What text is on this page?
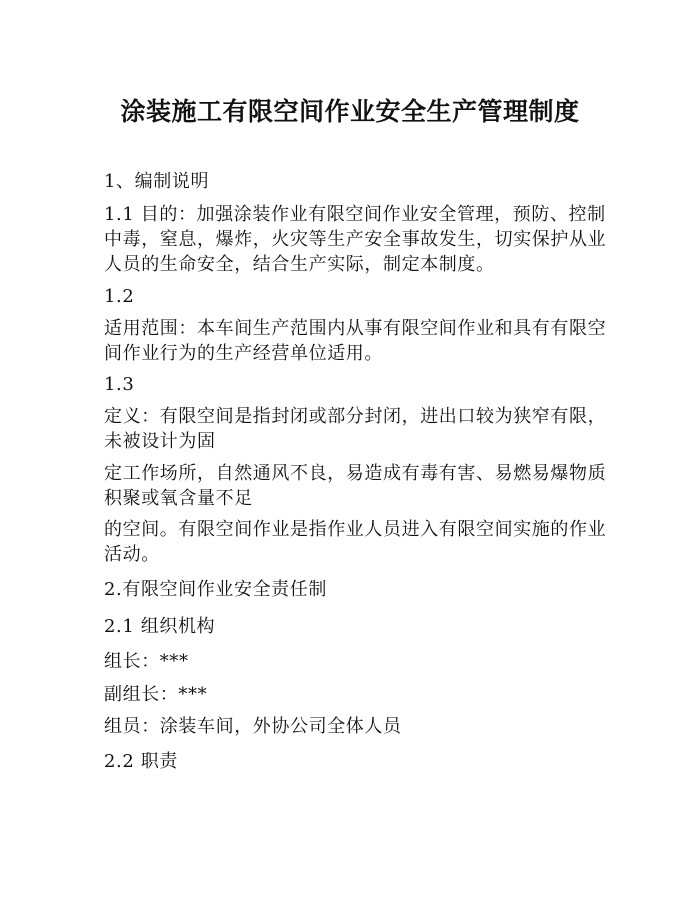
涂装施工有限空间作业安全生产管理制度
1、编制说明
1.1 目的：加强涂装作业有限空间作业安全管理，预防、控制
中毒，窒息，爆炸，火灾等生产安全事故发生，切实保护从业
人员的生命安全，结合生产实际，制定本制度。
1.2
适用范围：本车间生产范围内从事有限空间作业和具有有限空
间作业行为的生产经营单位适用。
1.3
定义：有限空间是指封闭或部分封闭，进出口较为狭窄有限，
未被设计为固
定工作场所，自然通风不良，易造成有毒有害、易燃易爆物质
积聚或氧含量不足
的空间。有限空间作业是指作业人员进入有限空间实施的作业
活动。
2.有限空间作业安全责任制
2.1 组织机构
组长：***
副组长：***
组员：涂装车间，外协公司全体人员
2.2 职责
